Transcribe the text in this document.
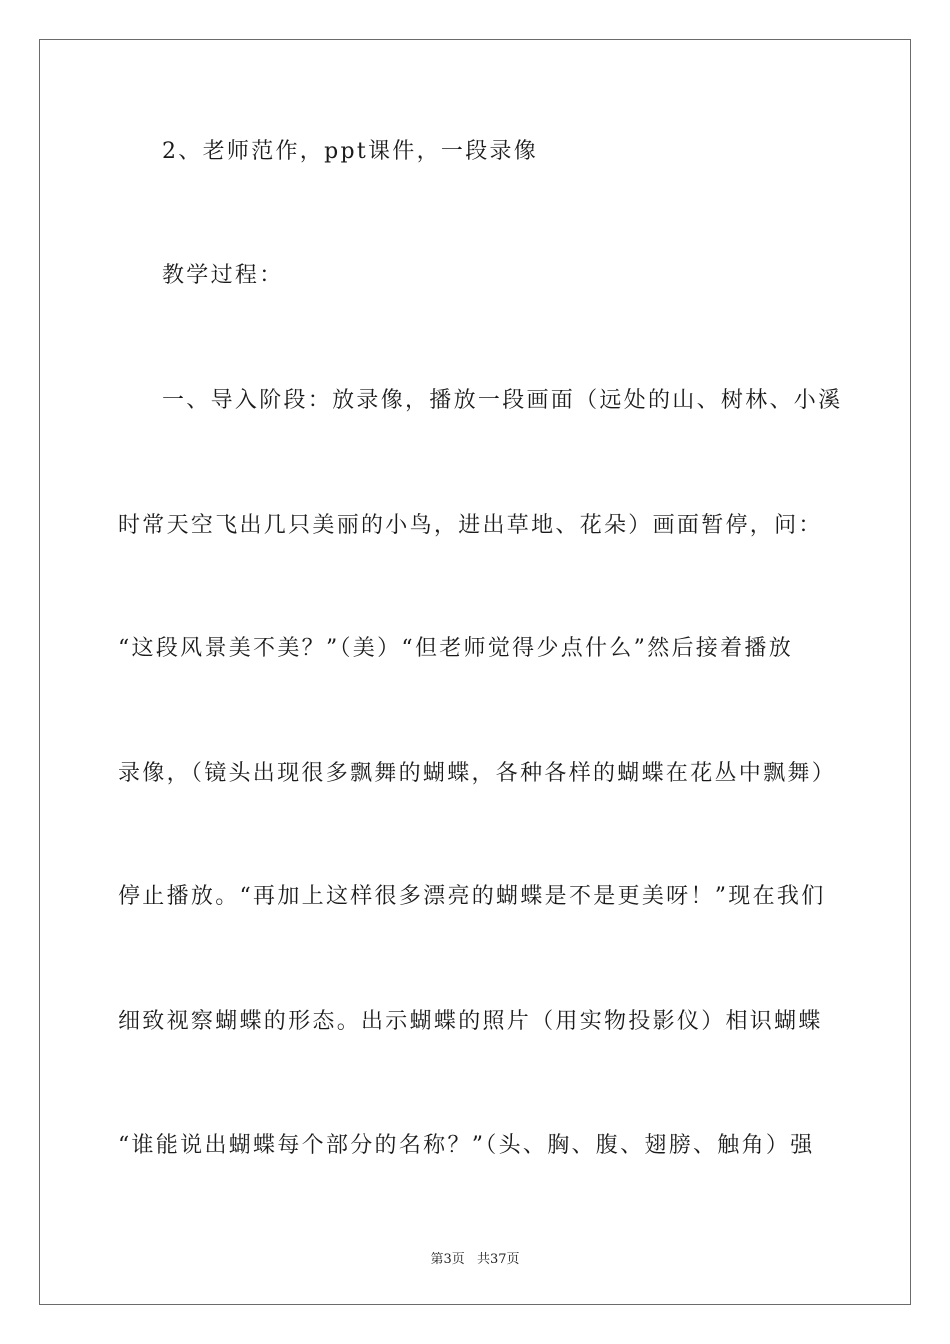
2、老师范作，ppt课件，一段录像
教学过程：
一、导入阶段：放录像，播放一段画面（远处的山、树林、小溪
时常天空飞出几只美丽的小鸟，进出草地、花朵）画面暂停，问：
“这段风景美不美？”（美）“但老师觉得少点什么”然后接着播放
录像，（镜头出现很多飘舞的蝴蝶，各种各样的蝴蝶在花丛中飘舞）
停止播放。“再加上这样很多漂亮的蝴蝶是不是更美呀！”现在我们
细致视察蝴蝶的形态。出示蝴蝶的照片（用实物投影仪）相识蝴蝶
“谁能说出蝴蝶每个部分的名称？”（头、胸、腹、翅膀、触角）强
第3页 共37页
